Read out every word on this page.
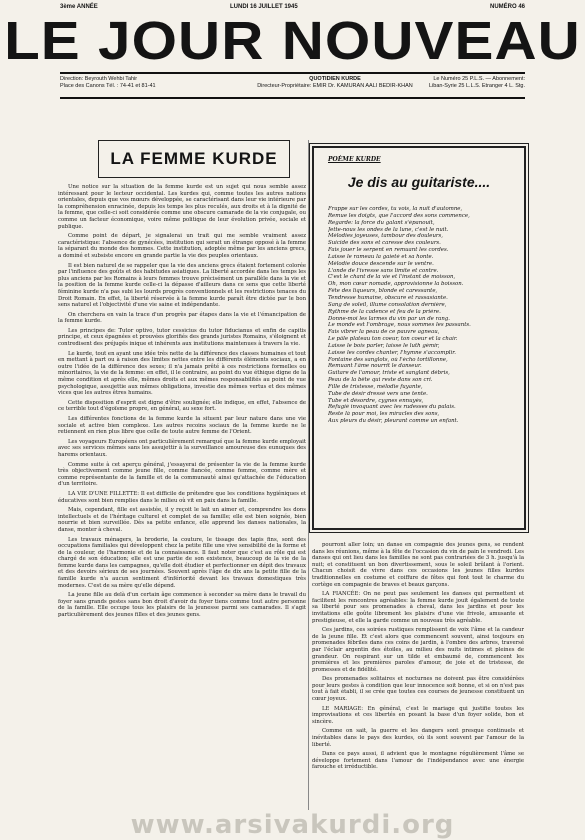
3ème ANNÉE	LUNDI 16 JUILLET 1945	NUMÉRO 46
LE JOUR NOUVEAU
Direction: Beyrouth Wehbi Tahir
Place des Canons Tél. : 74-41 et 81-41
QUOTIDIEN KURDE
Directeur-Propriétaire: EMIR Dr. KAMURAN AALI BEDIR-KHAN
Le Numéro 25 P.L.S. — Abonnement:
Liban-Syrie 25 L.L.S. Etranger 4 L. Stg.
LA FEMME KURDE

Une notice sur la situation de la femme kurde est un sujet qui nous semble assez intéressant pour le lecteur occidental. Les kurdes qui, comme toutes les autres nations orientales, depuis que vos mœurs développée, se caractérisant dans leur vie intérieure par la compréhension enracinée, depuis les temps les plus reculés, aux droits et à la dignité de la femme, que celle-ci soit considérée comme une obscure camarade de la vie conjugale, ou comme un facteur économique, voire même politique de leur évolution privée, sociale et publique.

Comme point de départ, je signalerai un trait qui me semble vraiment assez caractéristique: l'absence de gynécées, institution qui serait un étrange opposé à la femme la séparant du monde des hommes. Cette institution, adoptée même par les anciens grecs, a dominé et subsiste encore en grande partie la vie des peuples orientaux.

Il est bien naturel de se rappeler que la vie des anciens grecs étaient fortement colorée par l'influence des goûts et des habitudes asiatiques. La liberté accordée dans les temps les plus anciens par les Romains à leurs femmes trouve précisément un parallèle dans la vie et la position de la femme kurde celle-ci la dépasse d'ailleurs dans ce sens que cette liberté féminine kurde n'a pas subi les lourds progrès conventionnels et les restrictions tenaces du Droit Romain. En effet, la liberté réservée à la femme kurde paraît être dictée par le bon sens naturel et l'objectivité d'une vie saine et indépendante.

On cherchera en vain la trace d'un progrès par étapes dans la vie et l'émancipation de la femme kurde.

Les principes de: Tutor optivo, tutor cessicius du tutor fiducianus et enfin de capitis principe, et ceux épagnées et prouvées glorifiés des grands juristes Romains, s'éloignent et contredisent des préjugés inique et inhérents aux institutions maintenues à travers la vie.

Le kurde, tout en ayant une idée très nette de la différence des classes humaines et tout en mettant à part ou à raison des limites nettes entre les différents éléments sociaux, a en outre l'idée de la différence des sexes; il n'a jamais prêté à ces restrictions formelles ou minoritaires, la vie de la femme: en effet, il le contraire, au point du vue éthique digne de la même condition et après elle, mêmes droits et aux mêmes responsabilités au point de vue psychologique, assujettie aux mêmes obligations, investie des mêmes vertus et des mêmes vices que les autres êtres humains.

Cette disposition d'esprit est digne d'être soulignée; elle indique, en effet, l'absence de ce terrible tout d'égoïsme propre, en général, au sexe fort.

Les différentes fonctions de la femme kurde la situent par leur nature dans une vie sociale et active bien complexe. Les autres recoins sociaux de la femme kurde ne le retiennent en rien plus libre que celle de toute autre femme de l'Orient.

Les voyageurs Européens ont particulièrement remarqué que la femme kurde employait avec ses services mêmes sans les assujettir à la surveillance amoureuse des eunuques des harems orientaux.

Comme suite à cet aperçu général, j'essayerai de présenter la vie de la femme kurde très objectivement comme jeune fille, comme fiancée, comme femme, comme mère et comme représentante de la famille et de la communauté ainsi qu'attachée de l'éducation d'un territoire.

LA VIE D'UNE FILLETTE: Il est difficile de prétendre que les conditions hygiéniques et éducatives sont bien remplies dans le milieu où vit en paix dans la famille.

Mais, cependant, fille est assistée, il y reçoit le lait un aimer et, comprendre les dons intellectuels et de l'héritage culturel et complet de sa famille; elle est bien soignée, bien nourrie et bien surveillée. Dès sa petite enfance, elle apprend les danses nationales, la danse, monter à cheval.

Les travaux ménagers, la broderie, la couture, le tissage des tapis fins, sont des occupations familiales qui développent chez la petite fille une vive sensibilité de la forme et de la couleur, de l'harmonie et de la connaissance. Il faut noter que c'est au rôle qui est chargé de son éducation; elle est une partie de son existence, beaucoup de la vie de la femme kurde dans les campagnes, qu'elle doit étudier et perfectionner en dépit des travaux et des devoirs sérieux de ses journées. Souvent après l'âge de dix ans la petite fille de la famille kurde n'a aucun sentiment d'infériorité devant les travaux domestiques très modernes. C'est de sa mère qu'elle dépend.

La jeune fille au delà d'un certain âge commence à seconder sa mère dans le travail du foyer sans grands gestes sans bon droit d'avoir du foyer tiens comme tout autre personne de la famille. Elle occupe tous les plaisirs de la jeunesse parmi ses camarades. Il s'agit particulièrement des jeunes filles et des jeunes gens.

POÈME KURDE
Je dis au guitariste....
Frappe sur les cordes, tu vois, la nuit d'automne,
Remue les doigts, que l'accord des sons commence,
Regarde: la force du galant s'épanouit,
Jette-nous les ondes de la lune, c'est le nuit.
Mélodies joyeuses, tambour des douleurs,
Suicide des sons et caresse des couleurs.
Fais jouer le serpent en remuant les cordes.
Laisse le rameau la gaieté et sa honte.
Mélodie douce descende sur le ventre.
L'onde de l'ivresse sans limite et contre.
C'est le chant de la vie et l'instant de moisson,
Oh, mon cœur nomade, approvisionne la boisson.
Fête des liqueurs, blonde et caressante,
Tendresse humaine, obscure et rassasiante.
Sang de soleil, illume consolation dernière,
Rythme de la cadence et feu de la prière.
Donne-moi les larmes du vin par un de rang.
Le monde est l'ombrage, nous sommes les passants.
Fais vibrer la peau de ce pauvre agneau,
Le pâle plateau ton coeur, ton coeur et la chair.
Laisse le bois parler, laisse le luth gémir,
Laisse les cordes chanter, l'hymne s'accomplir.
Fontaine des sanglots, où l'écho tortillonne,
Remuant l'âme nourrit le danseur.
Guitare de l'amour, triste et sanglant débris,
Peau de la bête qui reste dans son cri.
Fille de tristesse, mélodie fuyante,
Tube de désir dressé vers une tente.
Tube et désordre, cygnes ennuyés,
Refugié invoquant avec les rudesses du palais.
Reste là pour moi, les miracles des sons,
Aux pleurs du désir, pleurant comme un enfant.

pourront aller loin; un danse en compagnie des jeunes gens, se rendent dans les réunions, même à la fête de l'occasion du vin de pain le vendredi. Les danses qui ont lieu dans les familles ne sont pas contrariées de 3 h. jusqu'à la nuit; et constituent un bon divertissement, sous le soleil brûlant à l'orient. Chacun choisit de vivre dans ces occasions les jeunes filles kurdes traditionnelles en costume et coiffure de fêtes qui font tout le charme du cortège en compagnie de braves et beaux garçons.

LA FIANCÉE: On ne peut pas seulement les danses qui permettent et facilitent les rencontres agréables: la femme kurde jouit également de toute sa liberté pour ses promenades à cheval, dans les jardins et pour les invitations elle goûte librement les plaisirs d'une vie frivole, amusante et prestigieuse, et elle la garde comme un nouveau très agréable.

Ces jardins, ces soirées rustiques remplissent de voix l'âme et la candeur de la jeune fille. Et c'est alors que commencent souvent, ainsi toujours en promenades fébriles dans ces coins de jardin, à l'ombre des arbres, traversé par l'éclair argentin des étoiles, au milieu des nuits intimes et pleines de grandeur. On respirant sur un tilde et embaumé de, commencent les premières et les premières paroles d'amour, de joie et de tristesse, de promesses et de fidélité.

Des promenades solitaires et nocturnes ne doivent pas être considérées pour leurs gestes à condition que leur innocence soit bonne, et si on n'est pas tout à fait établi, il se crée que toutes ces courses de jeunesse constituent un cœur joyeux.

LE MARIAGE: En général, c'est le mariage qui justifie toutes les improvisations et ces libertés en posant la base d'un foyer solide, bon et sincère.

Comme on sait, la guerre et les dangers sont presque continuels et inévitables dans le pays des kurdes, où ils sont souvent par l'amour de la liberté.

Dans ce pays aussi, il advient que le montagne régulièrement l'âme se développe fortement dans l'amour de l'indépendance avec une énergie farouche et irréductible.

www.arsivakurdi.org
